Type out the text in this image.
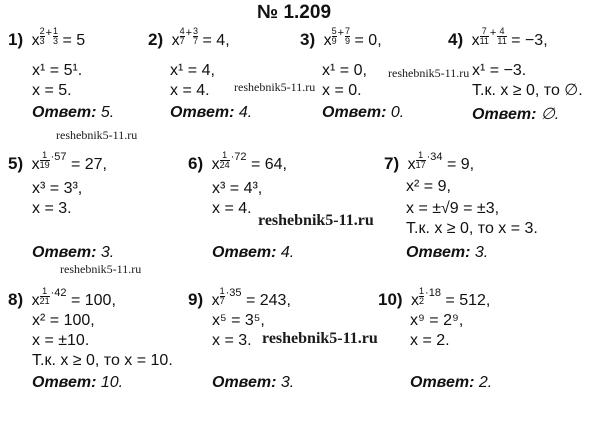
№ 1.209
1) x $\frac{2}{3} + \frac{1}{3} = 5$
x¹ = 5¹.
x = 5.
Ответ: 5.
2) x $\frac{4}{7} + \frac{3}{7} = 4$,
x¹ = 4,
x = 4.
Ответ: 4.
3) x $\frac{5}{9} + \frac{7}{9} = 0$,
x¹ = 0,
x = 0.
Ответ: 0.
4) x $\frac{7}{11} + \frac{4}{11} = -3$,
x¹ = −3.
Т.к. x ≥ 0, то ∅.
Ответ: ∅.
5) x $\frac{1}{19} \cdot 57 = 27$,
x³ = 3³,
x = 3.
Ответ: 3.
6) x $\frac{1}{24} \cdot 72 = 64$,
x³ = 4³,
x = 4.
Ответ: 4.
7) x $\frac{1}{17} \cdot 34 = 9$,
x² = 9,
x = ±√9 = ±3,
Т.к. x ≥ 0, то x = 3.
Ответ: 3.
8) x $\frac{1}{21} \cdot 42 = 100$,
x² = 100,
x = ±10.
Т.к. x ≥ 0, то x = 10.
Ответ: 10.
9) x $\frac{1}{7} \cdot 35 = 243$,
x⁵ = 3⁵,
x = 3.
Ответ: 3.
10) x $\frac{1}{2} \cdot 18 = 512$,
x⁹ = 2⁹,
x = 2.
Ответ: 2.
reshebnik5-11.ru
reshebnik5-11.ru
reshebnik5-11.ru
reshebnik5-11.ru
reshebnik5-11.ru
reshebnik5-11.ru
